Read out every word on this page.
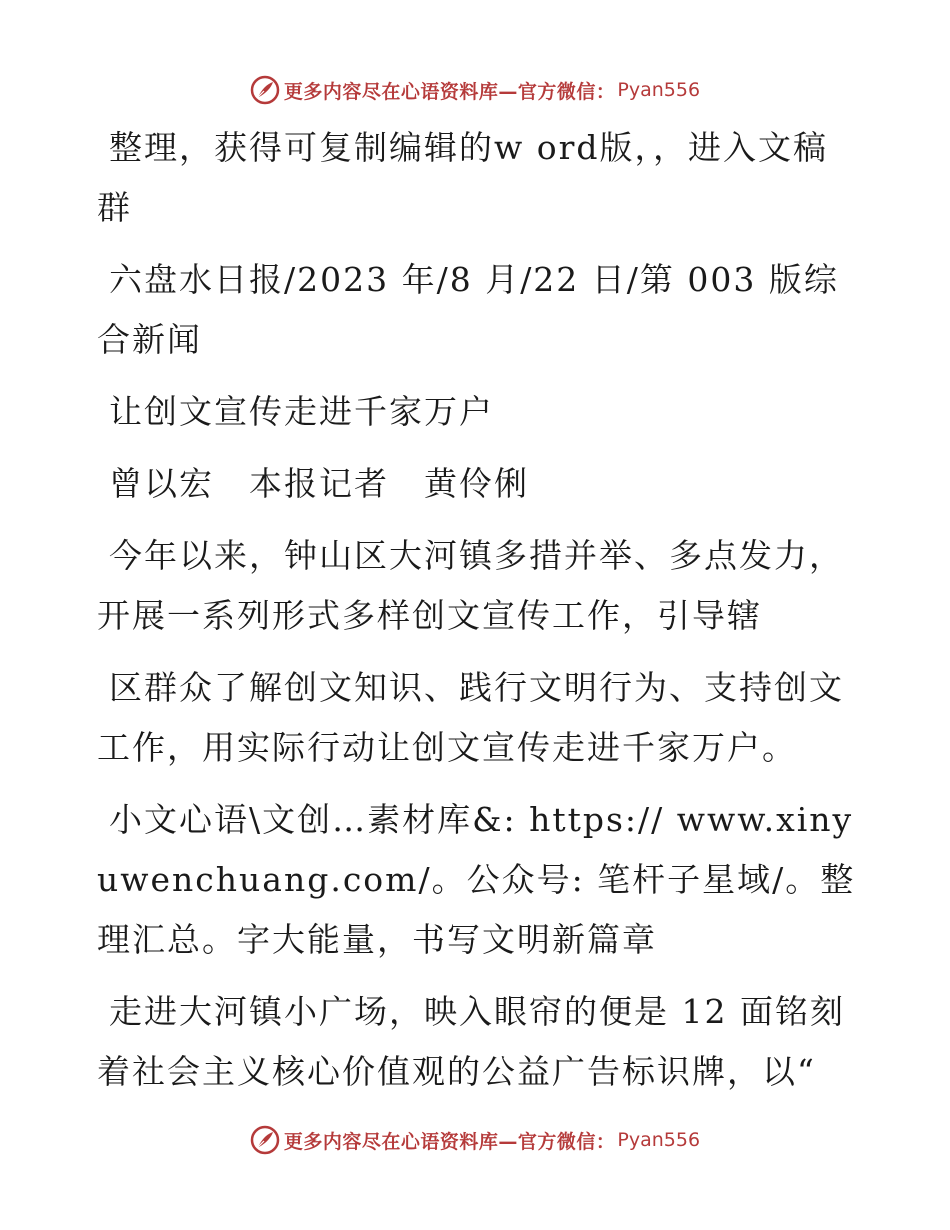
更多内容尽在心语资料库—官方微信： Pyan556

整理，获得可复制编辑的w ord版，，进入文稿群

六盘水日报/2023 年/8 月/22 日/第 003 版综合新闻

让创文宣传走进千家万户

曾以宏　本报记者　黄伶俐

今年以来，钟山区大河镇多措并举、多点发力，开展一系列形式多样创文宣传工作，引导辖

区群众了解创文知识、践行文明行为、支持创文工作，用实际行动让创文宣传走进千家万户。

小文心语\文创…素材库&: https:// www.xinyuwenchuang.com/。公众号: 笔杆子星域/。整理汇总。字大能量，书写文明新篇章

走进大河镇小广场，映入眼帘的便是 12 面铭刻着社会主义核心价值观的公益广告标识牌，以“

更多内容尽在心语资料库—官方微信： Pyan556
